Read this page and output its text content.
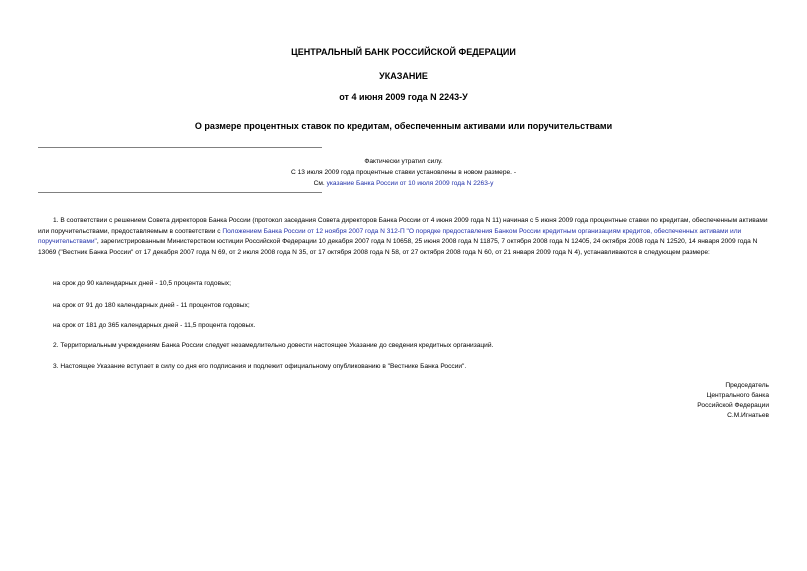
ЦЕНТРАЛЬНЫЙ БАНК РОССИЙСКОЙ ФЕДЕРАЦИИ
УКАЗАНИЕ
от 4 июня 2009 года N 2243-У
О размере процентных ставок по кредитам, обеспеченным активами или поручительствами
Фактически утратил силу.
С 13 июля 2009 года процентные ставки установлены в новом размере. -
См. указание Банка России от 10 июля 2009 года N 2263-у
1. В соответствии с решением Совета директоров Банка России (протокол заседания Совета директоров Банка России от 4 июня 2009 года N 11) начиная с 5 июня 2009 года процентные ставки по кредитам, обеспеченным активами или поручительствами, предоставляемым в соответствии с Положением Банка России от 12 ноября 2007 года N 312-П "О порядке предоставления Банком России кредитным организациям кредитов, обеспеченных активами или поручительствами", зарегистрированным Министерством юстиции Российской Федерации 10 декабря 2007 года N 10658, 25 июня 2008 года N 11875, 7 октября 2008 года N 12405, 24 октября 2008 года N 12520, 14 января 2009 года N 13069 ("Вестник Банка России" от 17 декабря 2007 года N 69, от 2 июля 2008 года N 35, от 17 октября 2008 года N 58, от 27 октября 2008 года N 60, от 21 января 2009 года N 4), устанавливаются в следующем размере:
на срок до 90 календарных дней - 10,5 процента годовых;
на срок от 91 до 180 календарных дней - 11 процентов годовых;
на срок от 181 до 365 календарных дней - 11,5 процента годовых.
2. Территориальным учреждениям Банка России следует незамедлительно довести настоящее Указание до сведения кредитных организаций.
3. Настоящее Указание вступает в силу со дня его подписания и подлежит официальному опубликованию в "Вестнике Банка России".
Председатель
Центрального банка
Российской Федерации
С.М.Игнатьев
